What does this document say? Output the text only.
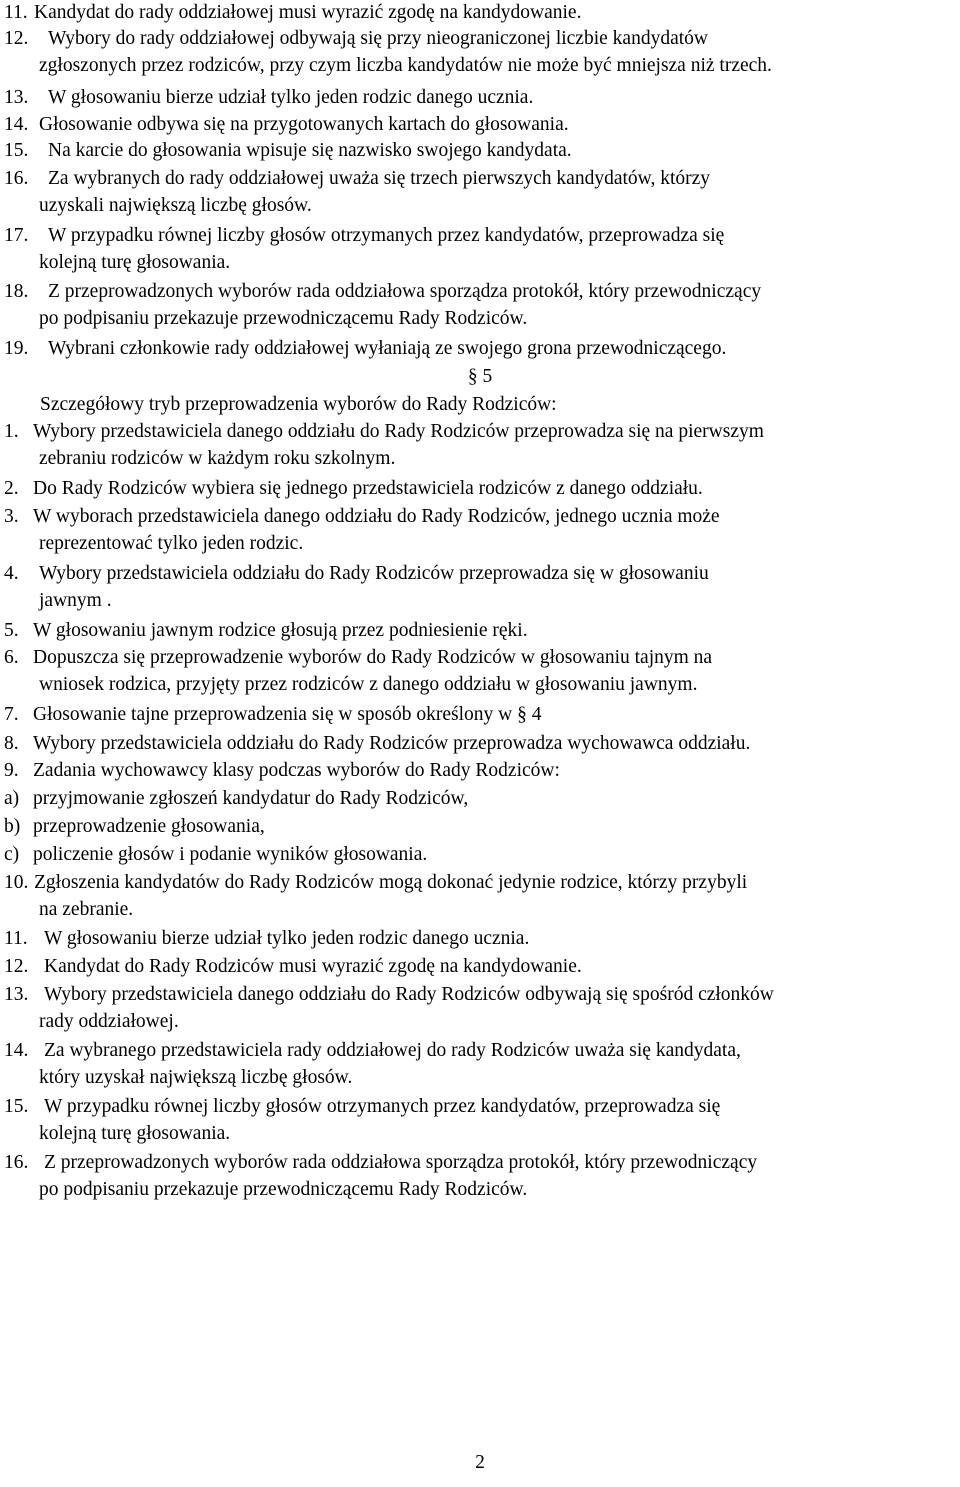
11. Kandydat do rady oddziałowej musi wyrazić zgodę na kandydowanie.
12. Wybory do rady oddziałowej odbywają się przy nieograniczonej liczbie kandydatów
zgłoszonych przez rodziców, przy czym liczba kandydatów nie może być mniejsza niż trzech.
13. W głosowaniu bierze udział tylko jeden rodzic danego ucznia.
14. Głosowanie odbywa się na przygotowanych kartach do głosowania.
15. Na karcie do głosowania wpisuje się nazwisko swojego kandydata.
16. Za wybranych do rady oddziałowej uważa się trzech pierwszych kandydatów, którzy
uzyskali największą liczbę głosów.
17. W przypadku równej liczby głosów otrzymanych przez kandydatów, przeprowadza się
kolejną turę głosowania.
18. Z przeprowadzonych wyborów rada oddziałowa sporządza protokół, który przewodniczący
po podpisaniu przekazuje przewodniczącemu Rady Rodziców.
19. Wybrani członkowie rady oddziałowej wyłaniają ze swojego grona przewodniczącego.
§ 5
Szczegółowy tryb przeprowadzenia wyborów do Rady Rodziców:
1. Wybory przedstawiciela danego oddziału do Rady Rodziców przeprowadza się na pierwszym
zebraniu rodziców w każdym roku szkolnym.
2. Do Rady Rodziców wybiera się jednego przedstawiciela rodziców z danego oddziału.
3. W wyborach przedstawiciela danego oddziału do Rady Rodziców, jednego ucznia może
reprezentować tylko jeden rodzic.
4. Wybory przedstawiciela oddziału do Rady Rodziców przeprowadza się w głosowaniu
jawnym .
5. W głosowaniu jawnym rodzice głosują przez podniesienie ręki.
6. Dopuszcza się przeprowadzenie wyborów do Rady Rodziców w głosowaniu tajnym na
wniosek rodzica, przyjęty przez rodziców z danego oddziału w głosowaniu jawnym.
7. Głosowanie tajne przeprowadzenia się w sposób określony w § 4
8. Wybory przedstawiciela oddziału do Rady Rodziców przeprowadza wychowawca oddziału.
9. Zadania wychowawcy klasy podczas wyborów do Rady Rodziców:
a) przyjmowanie zgłoszeń kandydatur do Rady Rodziców,
b) przeprowadzenie głosowania,
c) policzenie głosów i podanie wyników głosowania.
10. Zgłoszenia kandydatów do Rady Rodziców mogą dokonać jedynie rodzice, którzy przybyli
na zebranie.
11. W głosowaniu bierze udział tylko jeden rodzic danego ucznia.
12. Kandydat do Rady Rodziców musi wyrazić zgodę na kandydowanie.
13. Wybory przedstawiciela danego oddziału do Rady Rodziców odbywają się spośród członków
rady oddziałowej.
14. Za wybranego przedstawiciela rady oddziałowej do rady Rodziców uważa się kandydata,
który uzyskał największą liczbę głosów.
15. W przypadku równej liczby głosów otrzymanych przez kandydatów, przeprowadza się
kolejną turę głosowania.
16. Z przeprowadzonych wyborów rada oddziałowa sporządza protokół, który przewodniczący
po podpisaniu przekazuje przewodniczącemu Rady Rodziców.
2
